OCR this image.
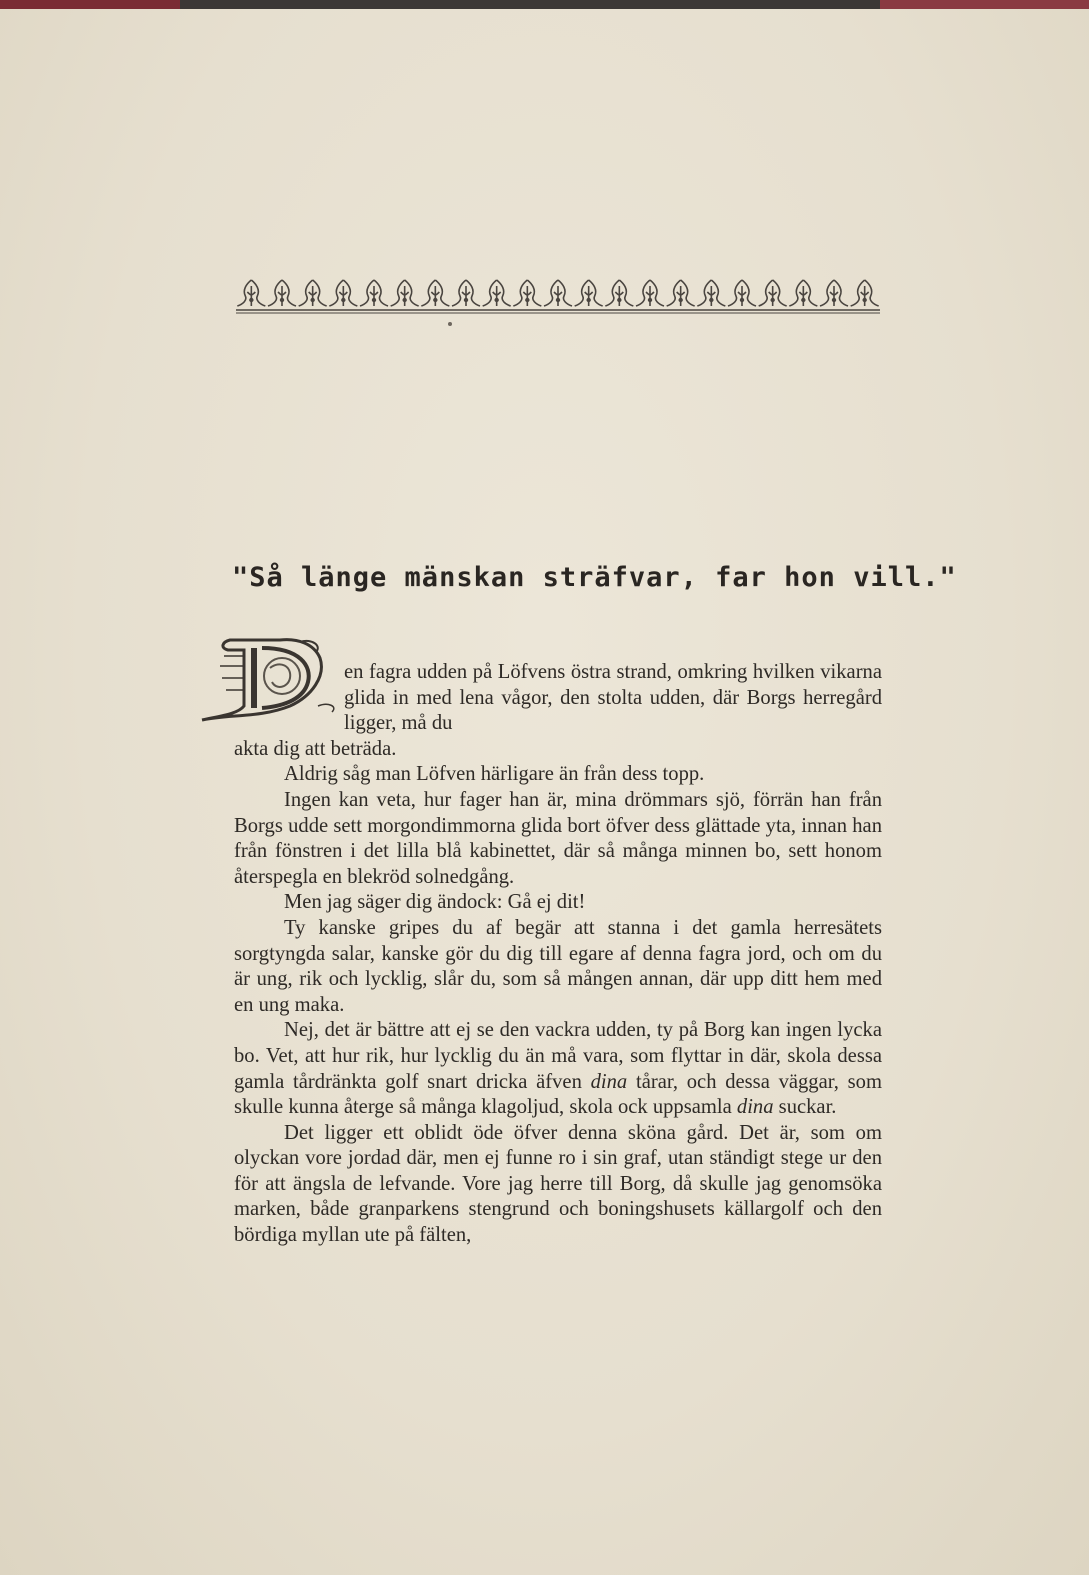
"Så länge mänskan sträfvar, far hon vill."

en fagra udden på Löfvens östra strand, omkring hvilken vikarna glida in med lena vågor, den stolta udden, där Borgs herregård ligger, må du
akta dig att beträda.

Aldrig såg man Löfven härligare än från dess topp.

Ingen kan veta, hur fager han är, mina drömmars sjö, förrän han från Borgs udde sett morgondimmorna glida bort öfver dess glättade yta, innan han från fönstren i det lilla blå kabinettet, där så många minnen bo, sett honom återspegla en blekröd solnedgång.

Men jag säger dig ändock: Gå ej dit!

Ty kanske gripes du af begär att stanna i det gamla herresätets sorgtyngda salar, kanske gör du dig till egare af denna fagra jord, och om du är ung, rik och lycklig, slår du, som så mången annan, där upp ditt hem med en ung maka.

Nej, det är bättre att ej se den vackra udden, ty på Borg kan ingen lycka bo. Vet, att hur rik, hur lycklig du än må vara, som flyttar in där, skola dessa gamla tårdränkta golf snart dricka äfven dina tårar, och dessa väggar, som skulle kunna återge så många klagoljud, skola ock uppsamla dina suckar.

Det ligger ett oblidt öde öfver denna sköna gård. Det är, som om olyckan vore jordad där, men ej funne ro i sin graf, utan ständigt stege ur den för att ängsla de lefvande. Vore jag herre till Borg, då skulle jag genomsöka marken, både granparkens stengrund och boningshusets källargolf och den bördiga myllan ute på fälten,
